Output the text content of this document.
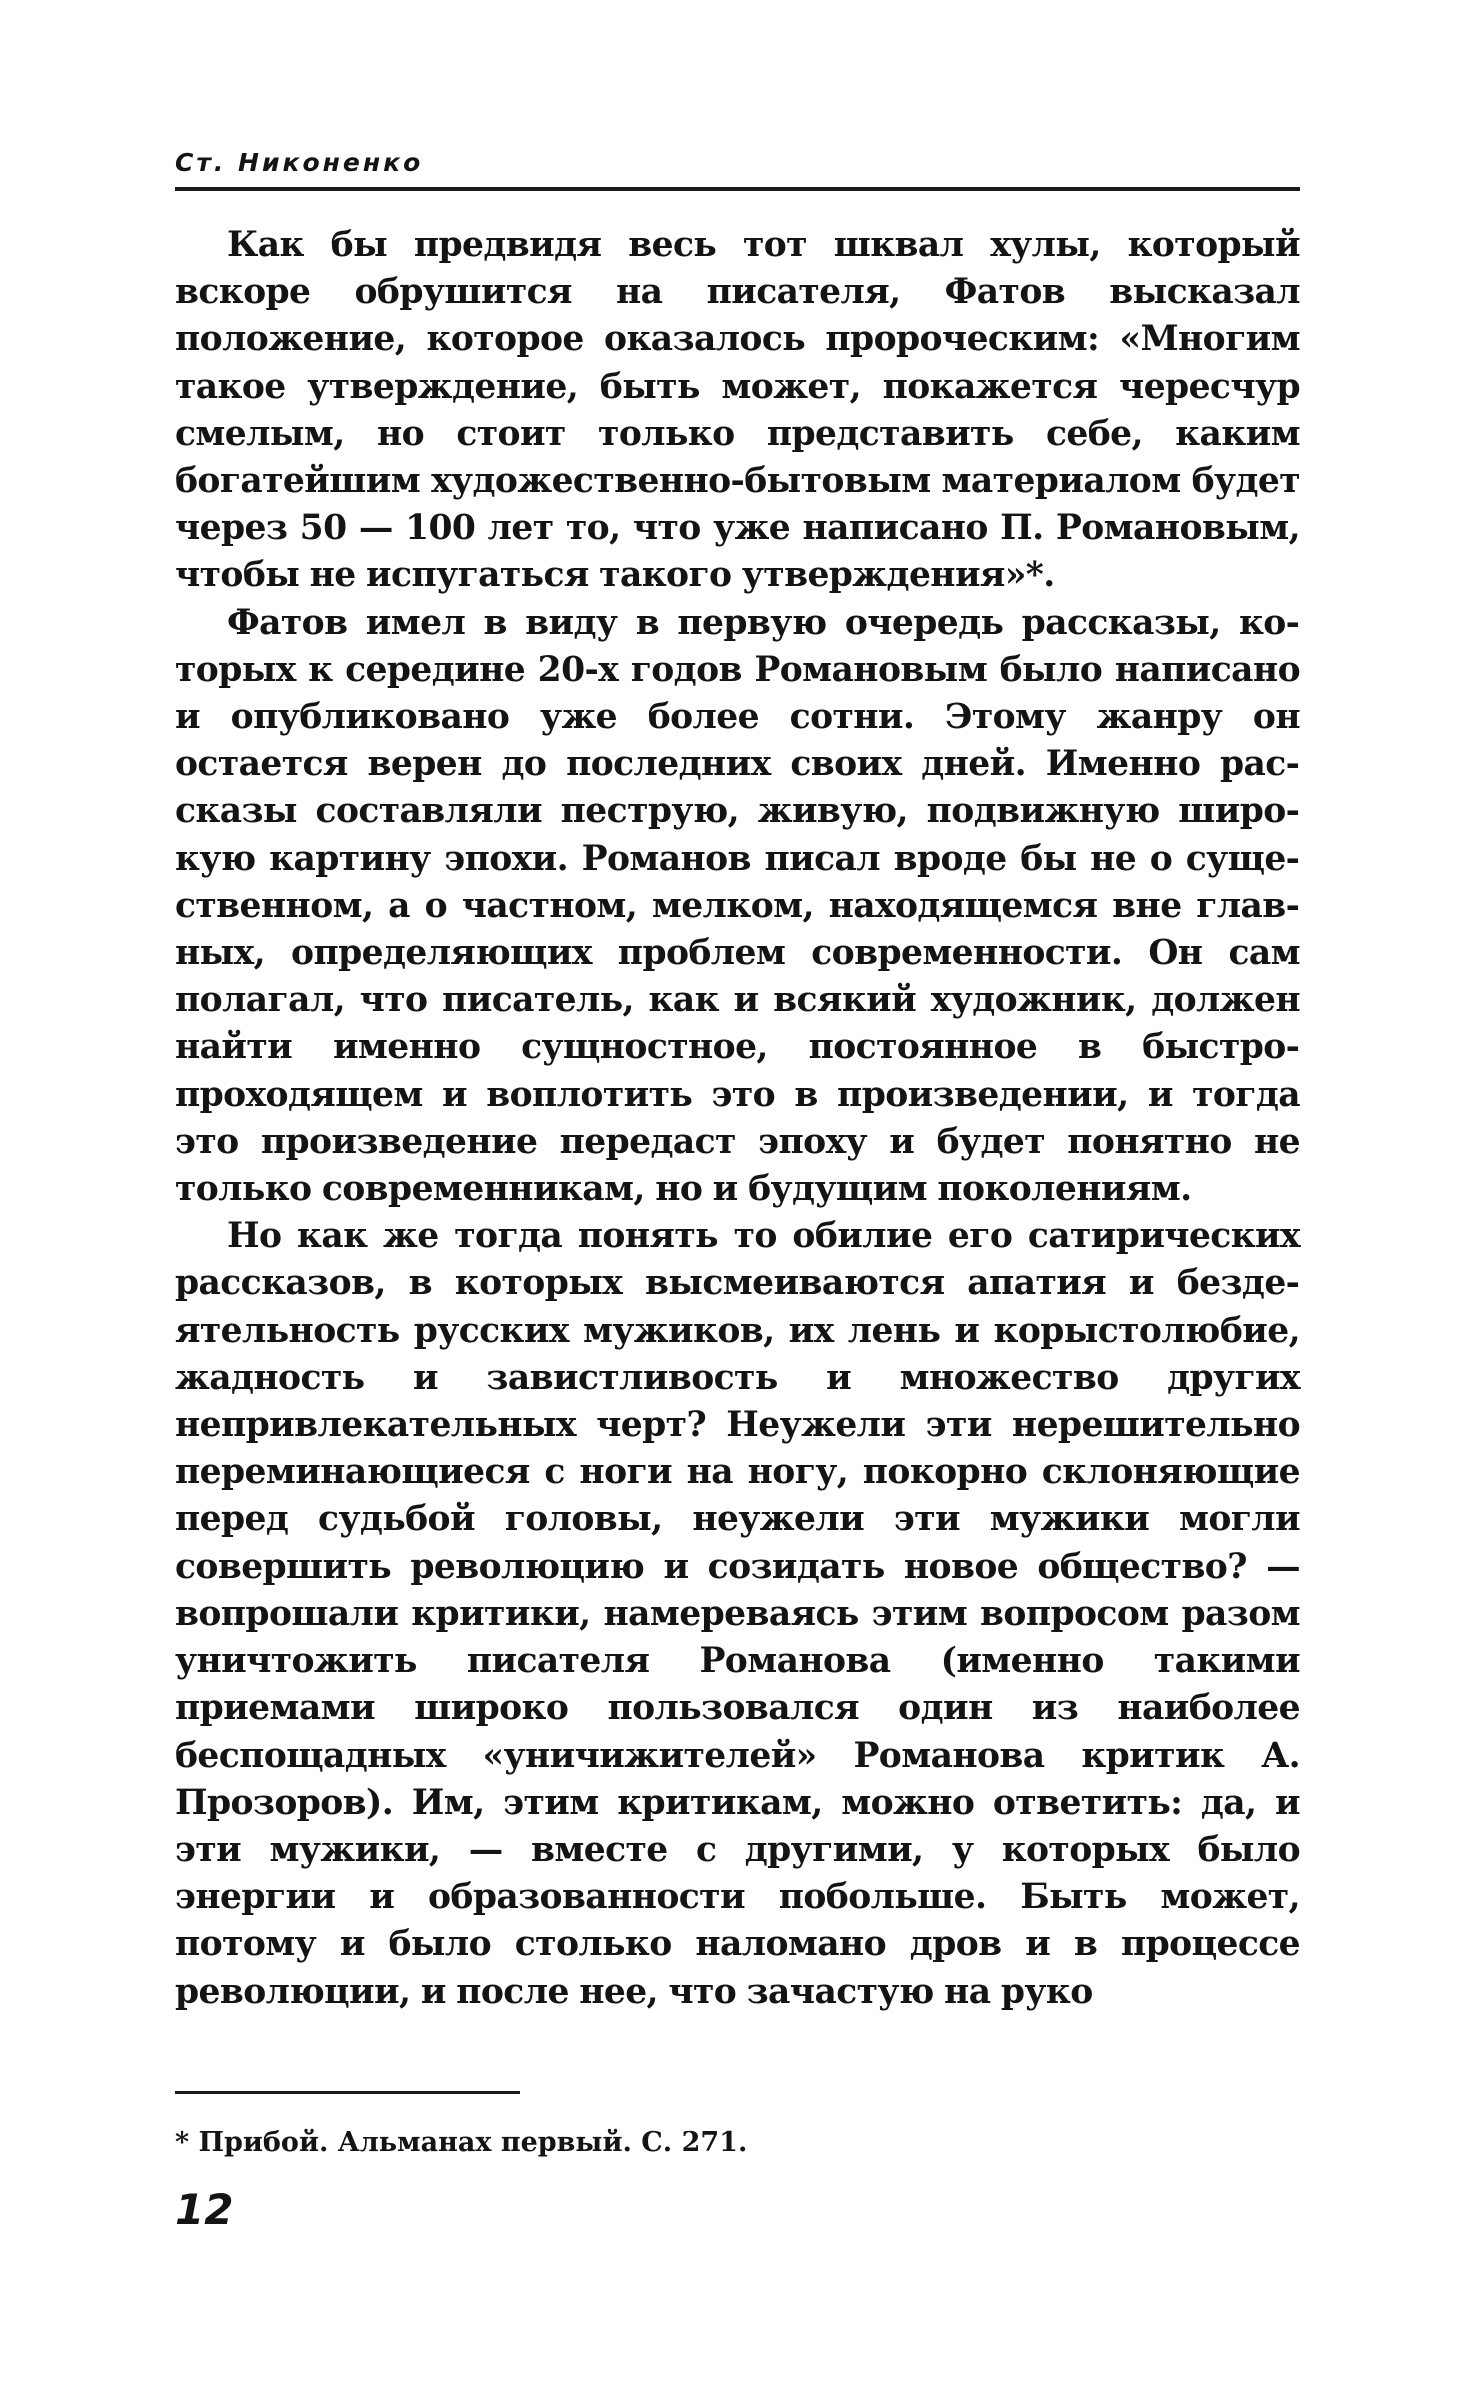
Ст. Никоненко

Как бы предвидя весь тот шквал хулы, который вскоре обрушится на писателя, Фатов высказал положение, которое оказалось пророческим: «Многим такое утверждение, быть может, покажется чересчур смелым, но стоит только представить себе, каким богатейшим художественно-бытовым материалом будет через 50 — 100 лет то, что уже написано П. Романовым, чтобы не испугаться такого утверждения»*.

Фатов имел в виду в первую очередь рассказы, которых к середине 20-х годов Романовым было написано и опубликовано уже более сотни. Этому жанру он остается верен до последних своих дней. Именно рассказы составляли пеструю, живую, подвижную широкую картину эпохи. Романов писал вроде бы не о существенном, а о частном, мелком, находящемся вне главных, определяющих проблем современности. Он сам полагал, что писатель, как и всякий художник, должен найти именно сущностное, постоянное в быстропроходящем и воплотить это в произведении, и тогда это произведение передаст эпоху и будет понятно не только современникам, но и будущим поколениям.

Но как же тогда понять то обилие его сатирических рассказов, в которых высмеиваются апатия и бездеятельность русских мужиков, их лень и корыстолюбие, жадность и завистливость и множество других непривлекательных черт? Неужели эти нерешительно переминающиеся с ноги на ногу, покорно склоняющие перед судьбой головы, неужели эти мужики могли совершить революцию и созидать новое общество? — вопрошали критики, намереваясь этим вопросом разом уничтожить писателя Романова (именно такими приемами широко пользовался один из наиболее беспощадных «уничижителей» Романова критик А. Прозоров). Им, этим критикам, можно ответить: да, и эти мужики, — вместе с другими, у которых было энергии и образованности побольше. Быть может, потому и было столько наломано дров и в процессе революции, и после нее, что зачастую на руко

* Прибой. Альманах первый. С. 271.
12
